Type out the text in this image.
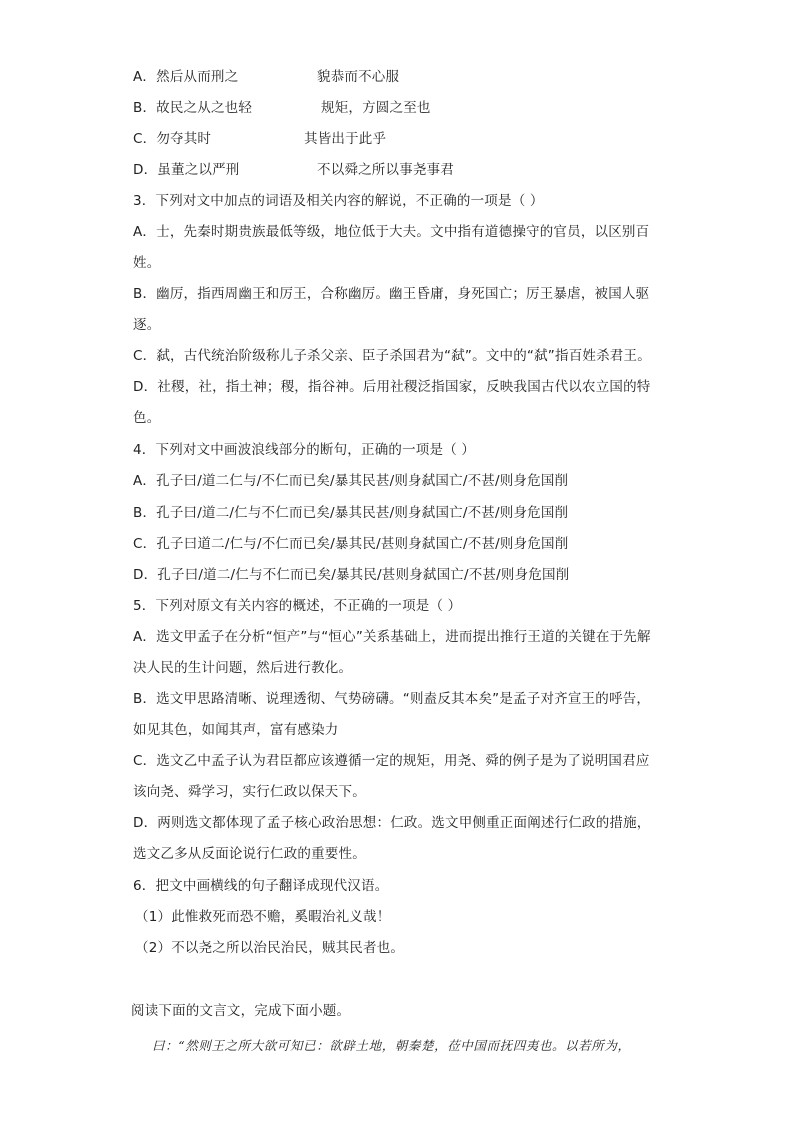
A．然后从而刑之	貌恭而不心服
B．故民之从之也轻	规矩，方圆之至也
C．勿夺其时	其皆出于此乎
D．虽董之以严刑	不以舜之所以事尧事君
3．下列对文中加点的词语及相关内容的解说，不正确的一项是（ ）
A．士，先秦时期贵族最低等级，地位低于大夫。文中指有道德操守的官员，以区别百姓。
B．幽厉，指西周幽王和厉王，合称幽厉。幽王昏庸，身死国亡；厉王暴虐，被国人驱逐。
C．弑，古代统治阶级称儿子杀父亲、臣子杀国君为“弑”。文中的“弑”指百姓杀君王。
D．社稷，社，指土神；稷，指谷神。后用社稷泛指国家，反映我国古代以农立国的特色。
4．下列对文中画波浪线部分的断句，正确的一项是（ ）
A．孔子曰/道二仁与/不仁而已矣/暴其民甚/则身弑国亡/不甚/则身危国削
B．孔子曰/道二/仁与不仁而已矣/暴其民甚/则身弑国亡/不甚/则身危国削
C．孔子曰道二/仁与/不仁而已矣/暴其民/甚则身弑国亡/不甚/则身危国削
D．孔子曰/道二/仁与不仁而已矣/暴其民/甚则身弑国亡/不甚/则身危国削
5．下列对原文有关内容的概述，不正确的一项是（ ）
A．选文甲孟子在分析“恒产”与“恒心”关系基础上，进而提出推行王道的关键在于先解决人民的生计问题，然后进行教化。
B．选文甲思路清晰、说理透彻、气势磅礴。“则盍反其本矣”是孟子对齐宣王的呼告，如见其色，如闻其声，富有感染力
C．选文乙中孟子认为君臣都应该遵循一定的规矩，用尧、舜的例子是为了说明国君应该向尧、舜学习，实行仁政以保天下。
D．两则选文都体现了孟子核心政治思想：仁政。选文甲侧重正面阐述行仁政的措施，选文乙多从反面论说行仁政的重要性。
6．把文中画横线的句子翻译成现代汉语。
（1）此惟救死而恐不赡，奚暇治礼义哉！
（2）不以尧之所以治民治民，贼其民者也。
阅读下面的文言文，完成下面小题。
曰：“然则王之所大欲可知已：欲辟土地，朝秦楚，莅中国而抚四夷也。以若所为，
